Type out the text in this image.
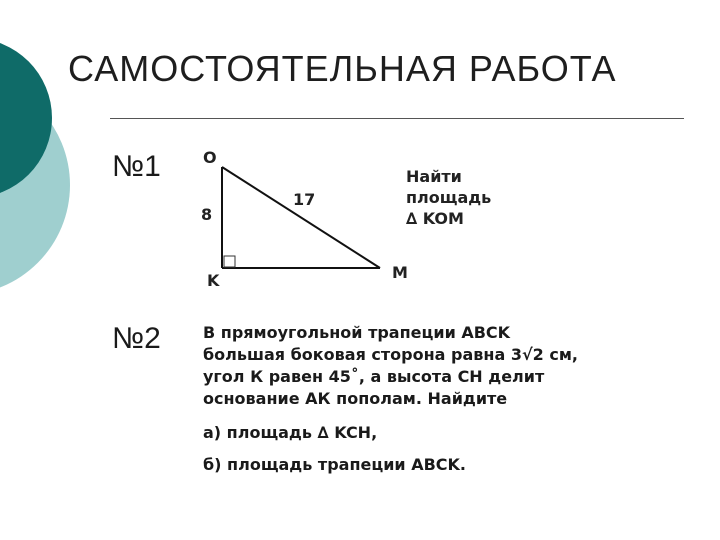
САМОСТОЯТЕЛЬНАЯ РАБОТА
№1	O
8
K
17
M
Найти
площадь
∆ KOM
№2	В прямоугольной трапеции ABCK
большая боковая сторона равна 3√2 см,
угол К равен 45˚, а высота СН делит
основание АК пополам. Найдите
а) площадь ∆ KCH,
б) площадь трапеции ABCK.
